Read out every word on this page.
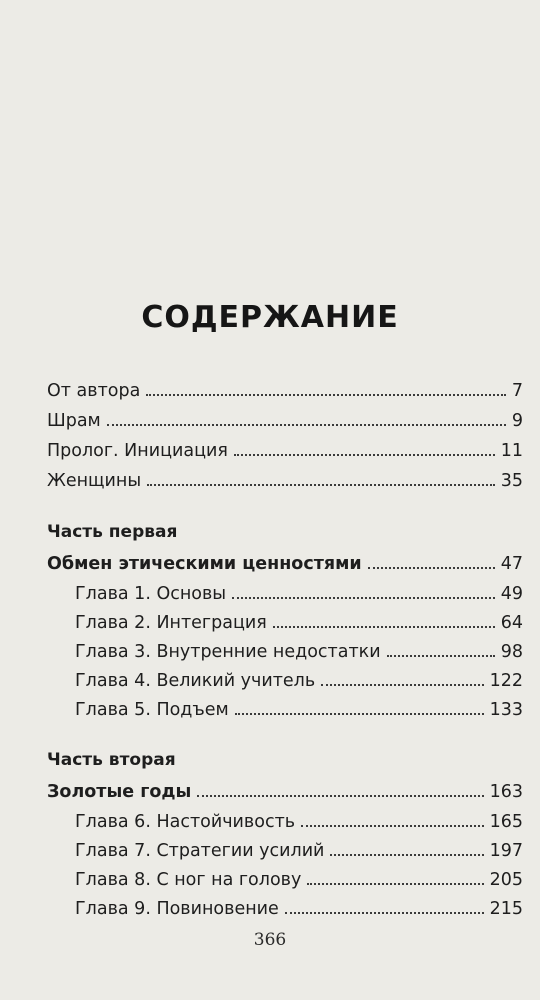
СОДЕРЖАНИЕ
От автора	7
Шрам	9
Пролог. Инициация	11
Женщины	35
Часть первая
Обмен этическими ценностями	47
Глава 1. Основы	49
Глава 2. Интеграция	64
Глава 3. Внутренние недостатки	98
Глава 4. Великий учитель	122
Глава 5. Подъем	133
Часть вторая
Золотые годы	163
Глава 6. Настойчивость	165
Глава 7. Стратегии усилий	197
Глава 8. С ног на голову	205
Глава 9. Повиновение	215
366
